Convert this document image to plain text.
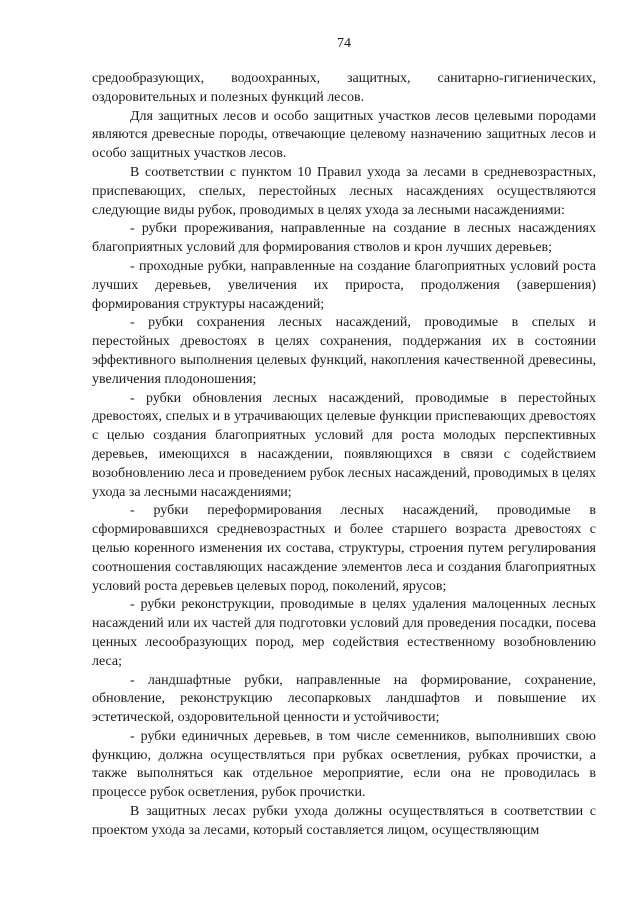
74

средообразующих, водоохранных, защитных, санитарно-гигиенических, оздоровительных и полезных функций лесов.

Для защитных лесов и особо защитных участков лесов целевыми породами являются древесные породы, отвечающие целевому назначению защитных лесов и особо защитных участков лесов.

В соответствии с пунктом 10 Правил ухода за лесами в средневозрастных, приспевающих, спелых, перестойных лесных насаждениях осуществляются следующие виды рубок, проводимых в целях ухода за лесными насаждениями:

- рубки прореживания, направленные на создание в лесных насаждениях благоприятных условий для формирования стволов и крон лучших деревьев;

- проходные рубки, направленные на создание благоприятных условий роста лучших деревьев, увеличения их прироста, продолжения (завершения) формирования структуры насаждений;

- рубки сохранения лесных насаждений, проводимые в спелых и перестойных древостоях в целях сохранения, поддержания их в состоянии эффективного выполнения целевых функций, накопления качественной древесины, увеличения плодоношения;

- рубки обновления лесных насаждений, проводимые в перестойных древостоях, спелых и в утрачивающих целевые функции приспевающих древостоях с целью создания благоприятных условий для роста молодых перспективных деревьев, имеющихся в насаждении, появляющихся в связи с содействием возобновлению леса и проведением рубок лесных насаждений, проводимых в целях ухода за лесными насаждениями;

- рубки переформирования лесных насаждений, проводимые в сформировавшихся средневозрастных и более старшего возраста древостоях с целью коренного изменения их состава, структуры, строения путем регулирования соотношения составляющих насаждение элементов леса и создания благоприятных условий роста деревьев целевых пород, поколений, ярусов;

- рубки реконструкции, проводимые в целях удаления малоценных лесных насаждений или их частей для подготовки условий для проведения посадки, посева ценных лесообразующих пород, мер содействия естественному возобновлению леса;

- ландшафтные рубки, направленные на формирование, сохранение, обновление, реконструкцию лесопарковых ландшафтов и повышение их эстетической, оздоровительной ценности и устойчивости;

- рубки единичных деревьев, в том числе семенников, выполнивших свою функцию, должна осуществляться при рубках осветления, рубках прочистки, а также выполняться как отдельное мероприятие, если она не проводилась в процессе рубок осветления, рубок прочистки.

В защитных лесах рубки ухода должны осуществляться в соответствии с проектом ухода за лесами, который составляется лицом, осуществляющим
